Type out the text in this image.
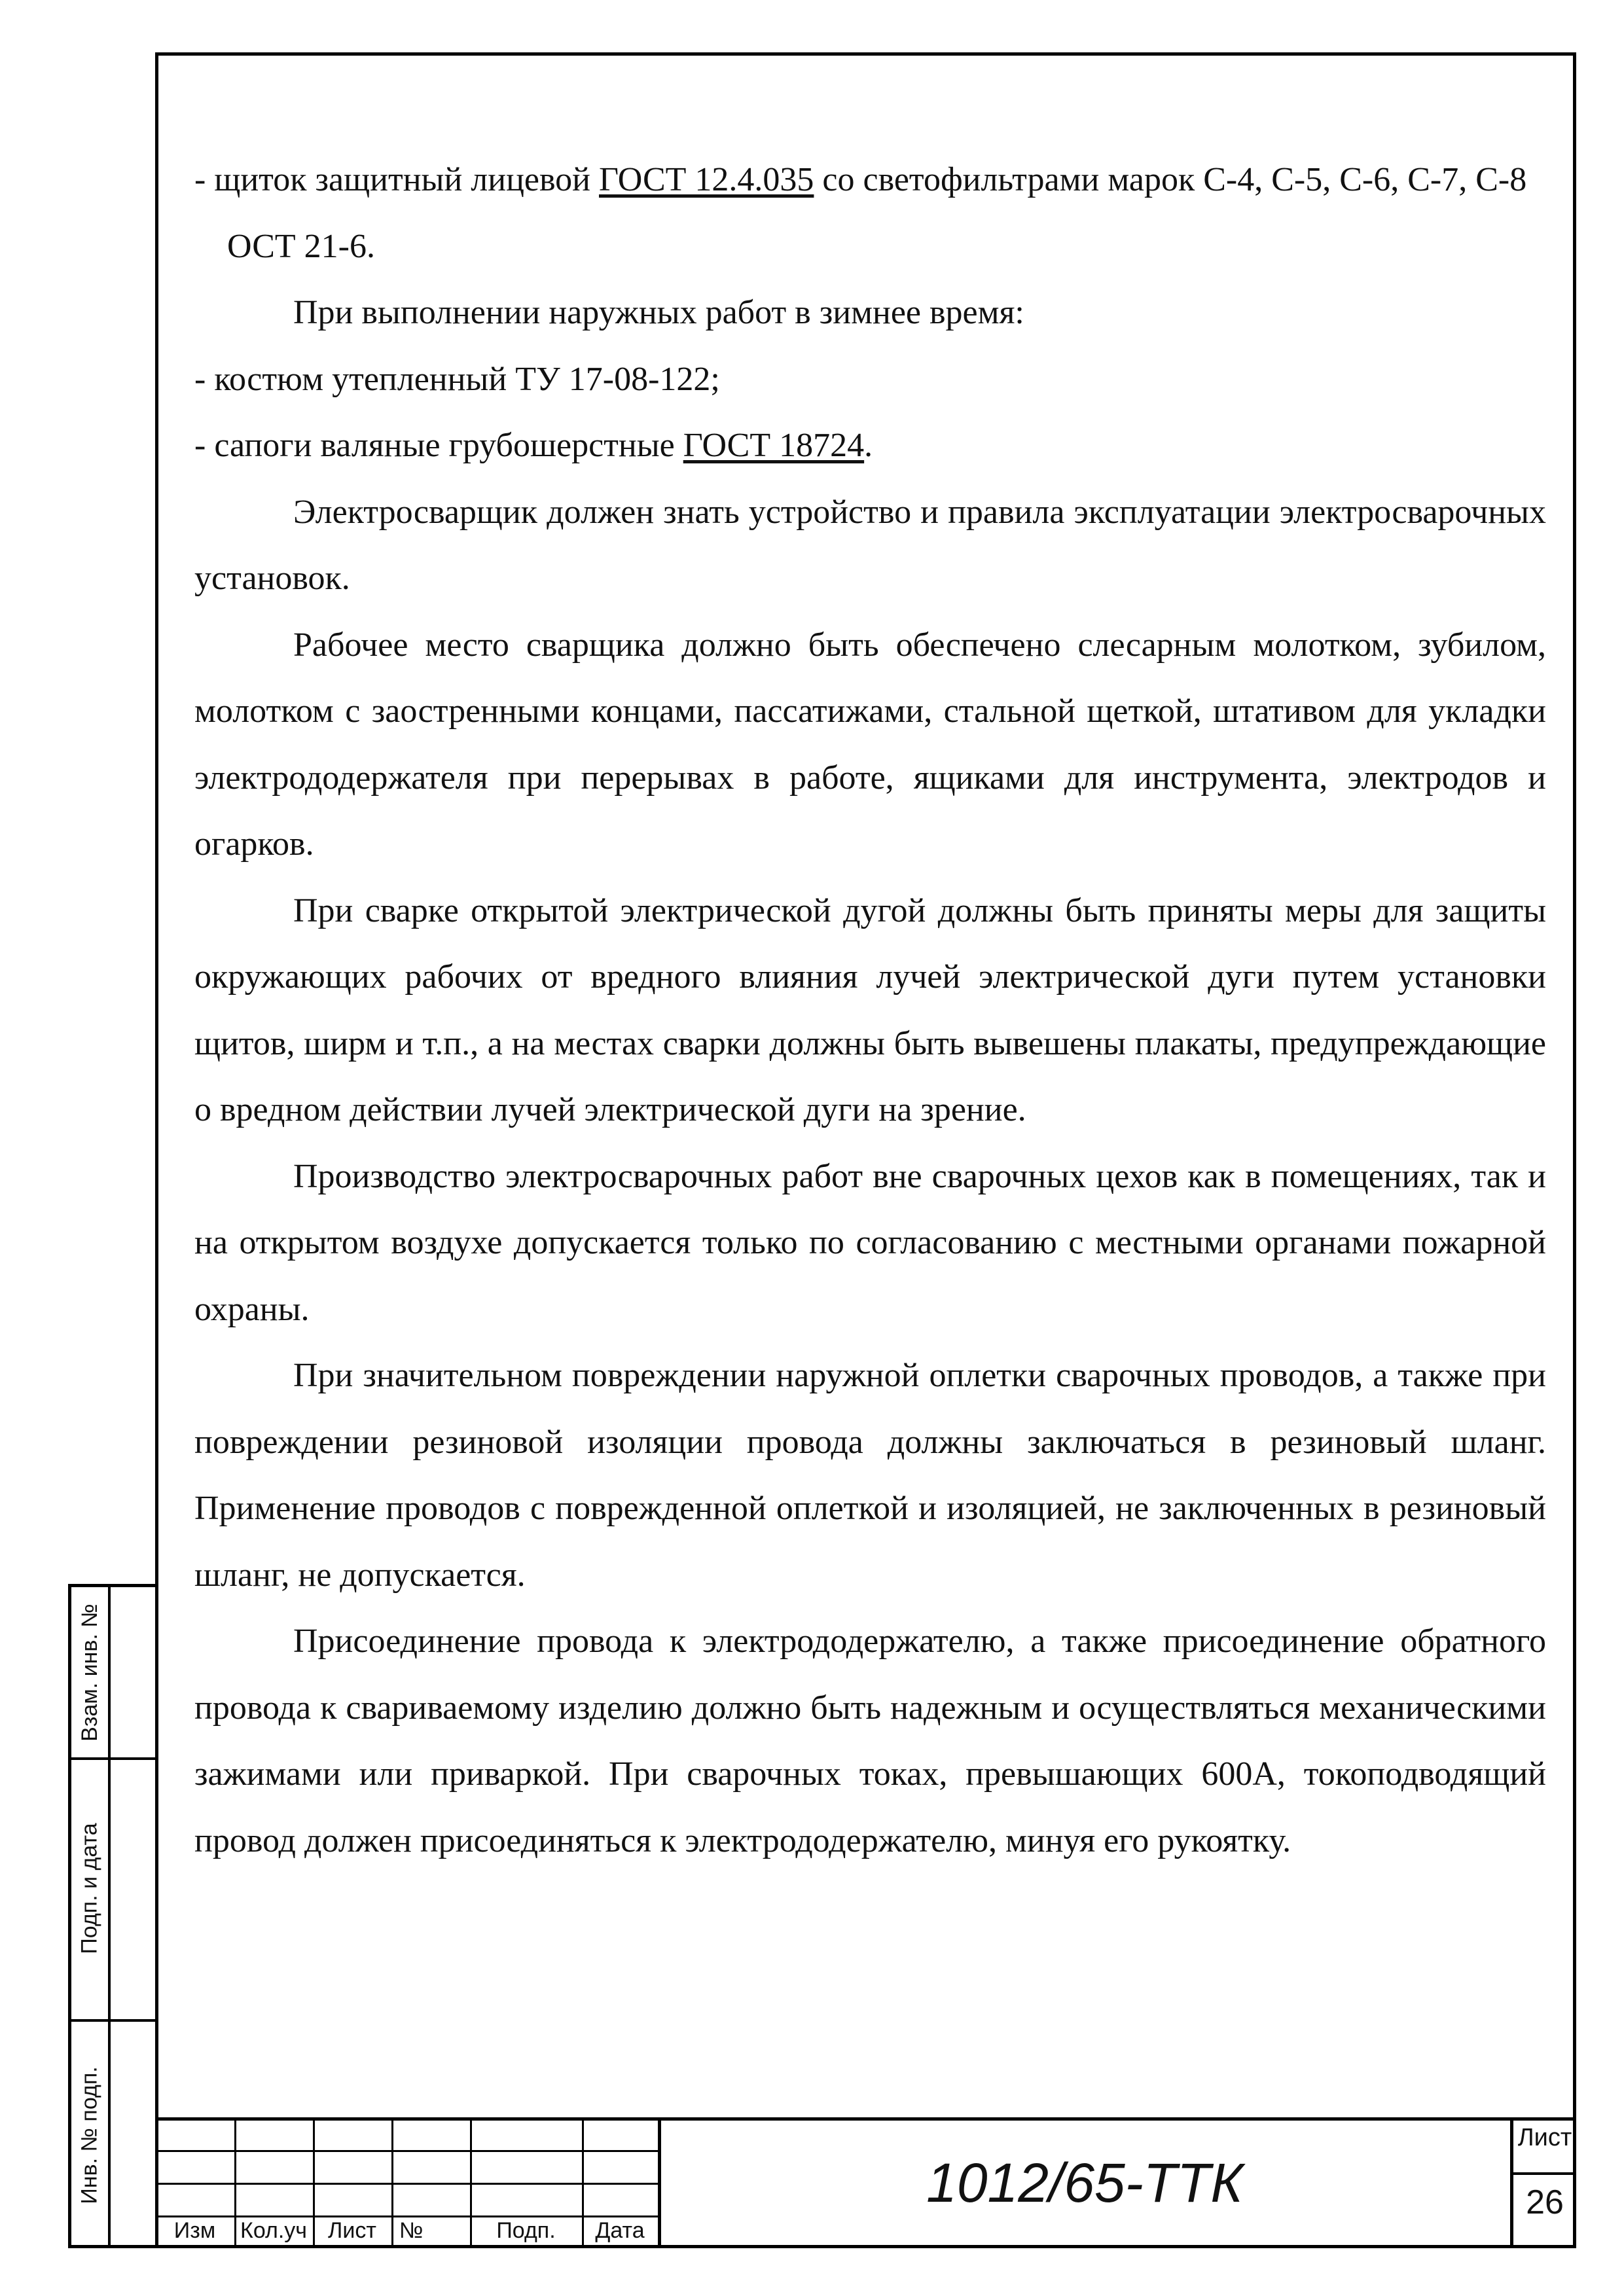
- щиток защитный лицевой ГОСТ 12.4.035 со светофильтрами марок С-4, С-5, С-6, С-7, С-8 ОСТ 21-6.

При выполнении наружных работ в зимнее время:

- костюм утепленный ТУ 17-08-122;

- сапоги валяные грубошерстные ГОСТ 18724.

Электросварщик должен знать устройство и правила эксплуатации электросварочных установок.

Рабочее место сварщика должно быть обеспечено слесарным молотком, зубилом, молотком с заостренными концами, пассатижами, стальной щеткой, штативом для укладки электрододержателя при перерывах в работе, ящиками для инструмента, электродов и огарков.

При сварке открытой электрической дугой должны быть приняты меры для защиты окружающих рабочих от вредного влияния лучей электрической дуги путем установки щитов, ширм и т.п., а на местах сварки должны быть вывешены плакаты, предупреждающие о вредном действии лучей электрической дуги на зрение.

Производство электросварочных работ вне сварочных цехов как в помещениях, так и на открытом воздухе допускается только по согласованию с местными органами пожарной охраны.

При значительном повреждении наружной оплетки сварочных проводов, а также при повреждении резиновой изоляции провода должны заключаться в резиновый шланг. Применение проводов с поврежденной оплеткой и изоляцией, не заключенных в резиновый шланг, не допускается.

Присоединение провода к электрододержателю, а также присоединение обратного провода к свариваемому изделию должно быть надежным и осуществляться механическими зажимами или приваркой. При сварочных токах, превышающих 600А, токоподводящий провод должен присоединяться к электрододержателю, минуя его рукоятку.

Взам. инв. №
Подп. и дата
Инв. № подп.
Изм	Кол.уч Лист	№	Подп.	Дата
1012/65-ТТК
Лист
26
